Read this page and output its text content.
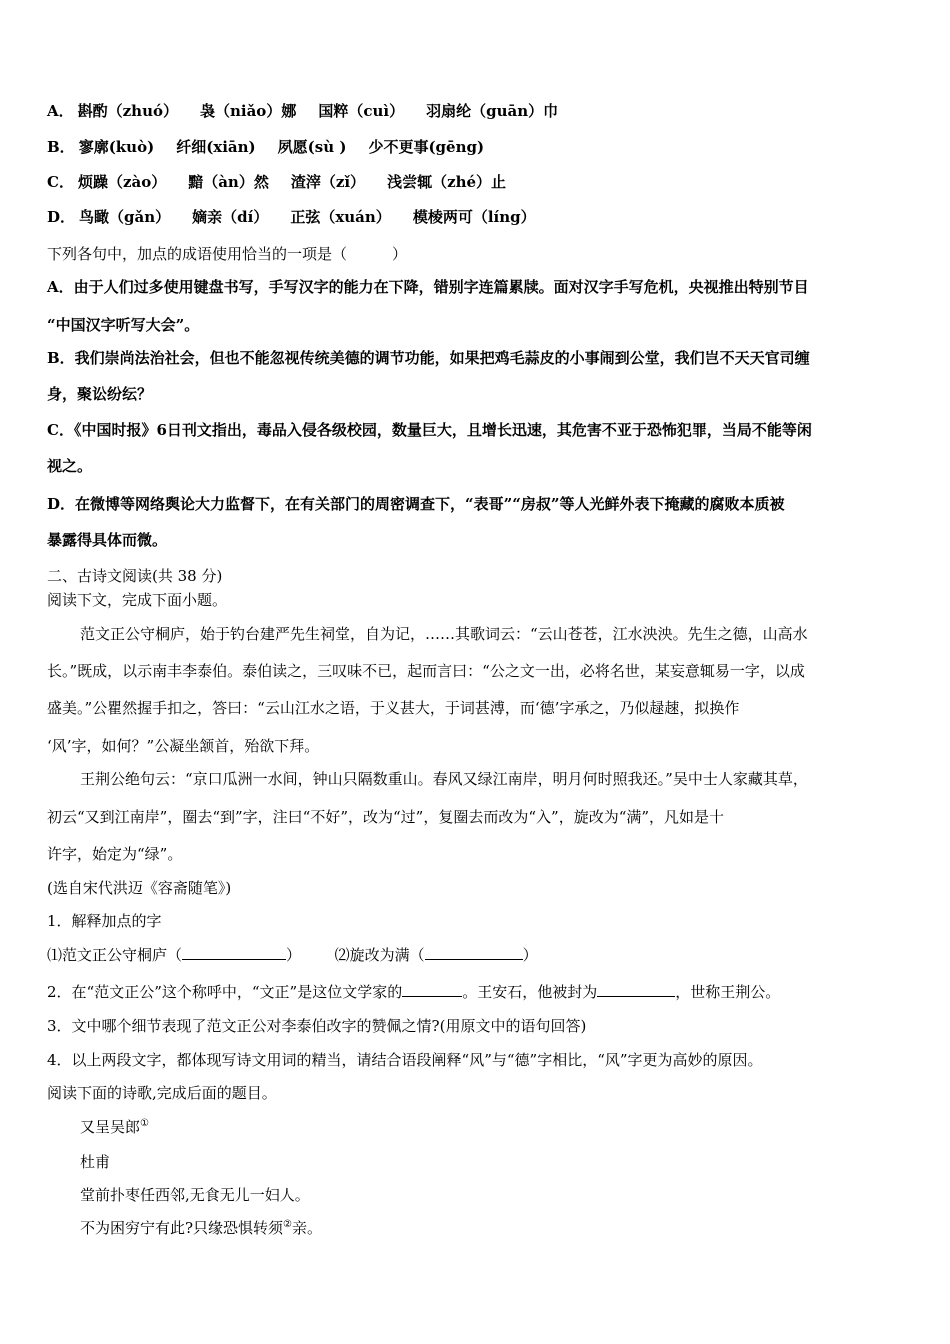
A． 斟酌（zhuó） 袅（niǎo）娜 国粹（cuì） 羽扇纶（guān）巾
B． 寥廓(kuò) 纤细(xiān) 夙愿(sù ) 少不更事(gēng)
C． 烦躁（zào） 黯（àn）然 渣滓（zǐ） 浅尝辄（zhé）止
D． 鸟瞰（gǎn） 嫡亲（dí） 正弦（xuán） 模棱两可（líng）
下列各句中，加点的成语使用恰当的一项是（　　　）
A．由于人们过多使用键盘书写，手写汉字的能力在下降，错别字连篇累牍。面对汉字手写危机，央视推出特别节目
“中国汉字听写大会”。
B．我们崇尚法治社会，但也不能忽视传统美德的调节功能，如果把鸡毛蒜皮的小事闹到公堂，我们岂不天天官司缠
身，聚讼纷纭？
C．《中国时报》6日刊文指出，毒品入侵各级校园，数量巨大，且增长迅速，其危害不亚于恐怖犯罪，当局不能等闲
视之。
D．在微博等网络舆论大力监督下，在有关部门的周密调查下，“表哥”“房叔”等人光鲜外表下掩藏的腐败本质被
暴露得具体而微。
二、古诗文阅读(共 38 分)
阅读下文，完成下面小题。
范文正公守桐庐，始于钓台建严先生祠堂，自为记，……其歌词云：“云山苍苍，江水泱泱。先生之德，山高水
长。”既成，以示南丰李泰伯。泰伯读之，三叹味不已，起而言曰：“公之文一出，必将名世，某妄意辄易一字，以成
盛美。”公瞿然握手扣之，答曰：“云山江水之语，于义甚大，于词甚溥，而‘德’字承之，乃似趢趚，拟换作
‘风’字，如何？”公凝坐颔首，殆欲下拜。
王荆公绝句云：“京口瓜洲一水间，钟山只隔数重山。春风又绿江南岸，明月何时照我还。”吴中士人家藏其草，
初云“又到江南岸”，圈去“到”字，注曰“不好”，改为“过”，复圈去而改为“入”，旋改为“满”，凡如是十
许字，始定为“绿”。
(选自宋代洪迈《容斋随笔》)
1．解释加点的字
⑴范文正公守桐庐（	） ⑵旋改为满（	）
2．在“范文正公”这个称呼中，“文正”是这位文学家的	。王安石，他被封为	，世称王荆公。
3．文中哪个细节表现了范文正公对李泰伯改字的赞佩之情?(用原文中的语句回答)
4．以上两段文字，都体现写诗文用词的精当，请结合语段阐释“风”与“德”字相比，“风”字更为高妙的原因。
阅读下面的诗歌,完成后面的题目。
又呈吴郎①
杜甫
堂前扑枣任西邻,无食无儿一妇人。
不为困穷宁有此?只缘恐惧转须②亲。
